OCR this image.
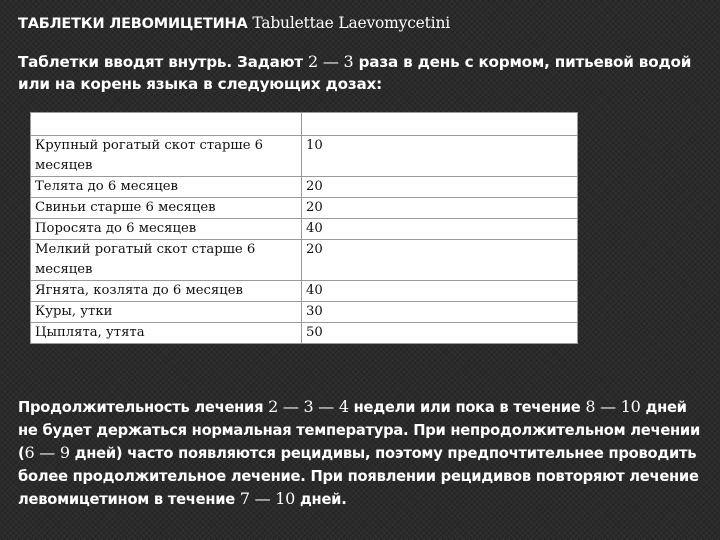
ТАБЛЕТКИ ЛЕВОМИЦЕТИНА Tabulettae Laevomycetini
Таблетки вводят внутрь. Задают 2 — 3 раза в день с кормом, питьевой водой или на корень языка в следующих дозах:

Крупный рогатый скот старше 6 месяцев	10
Телята до 6 месяцев	20
Свиньи старше 6 месяцев	20
Поросята до 6 месяцев	40
Мелкий рогатый скот старше 6 месяцев	20
Ягнята, козлята до 6 месяцев	40
Куры, утки	30
Цыплята, утята	50
Продолжительность лечения 2 — 3 — 4 недели или пока в течение 8 — 10 дней не будет держаться нормальная температура. При непродолжительном лечении (6 — 9 дней) часто появляются рецидивы, поэтому предпочтительнее проводить более продолжительное лечение. При появлении рецидивов повторяют лечение левомицетином в течение 7 — 10 дней.
